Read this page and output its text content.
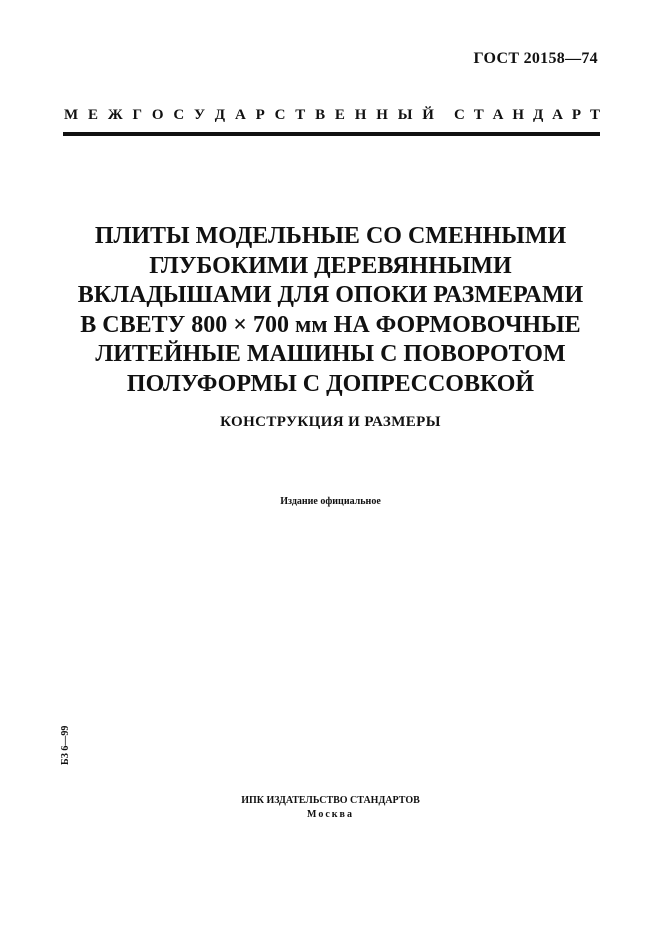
ГОСТ 20158—74
М Е Ж Г О С У Д А Р С Т В Е Н Н Ы Й С Т А Н Д А Р Т
ПЛИТЫ МОДЕЛЬНЫЕ СО СМЕННЫМИ
ГЛУБОКИМИ ДЕРЕВЯННЫМИ
ВКЛАДЫШАМИ ДЛЯ ОПОКИ РАЗМЕРАМИ
В СВЕТУ 800 × 700 мм НА ФОРМОВОЧНЫЕ
ЛИТЕЙНЫЕ МАШИНЫ С ПОВОРОТОМ
ПОЛУФОРМЫ С ДОПРЕССОВКОЙ
КОНСТРУКЦИЯ И РАЗМЕРЫ
Издание официальное
БЗ 6—99
ИПК ИЗДАТЕЛЬСТВО СТАНДАРТОВ
Москва
